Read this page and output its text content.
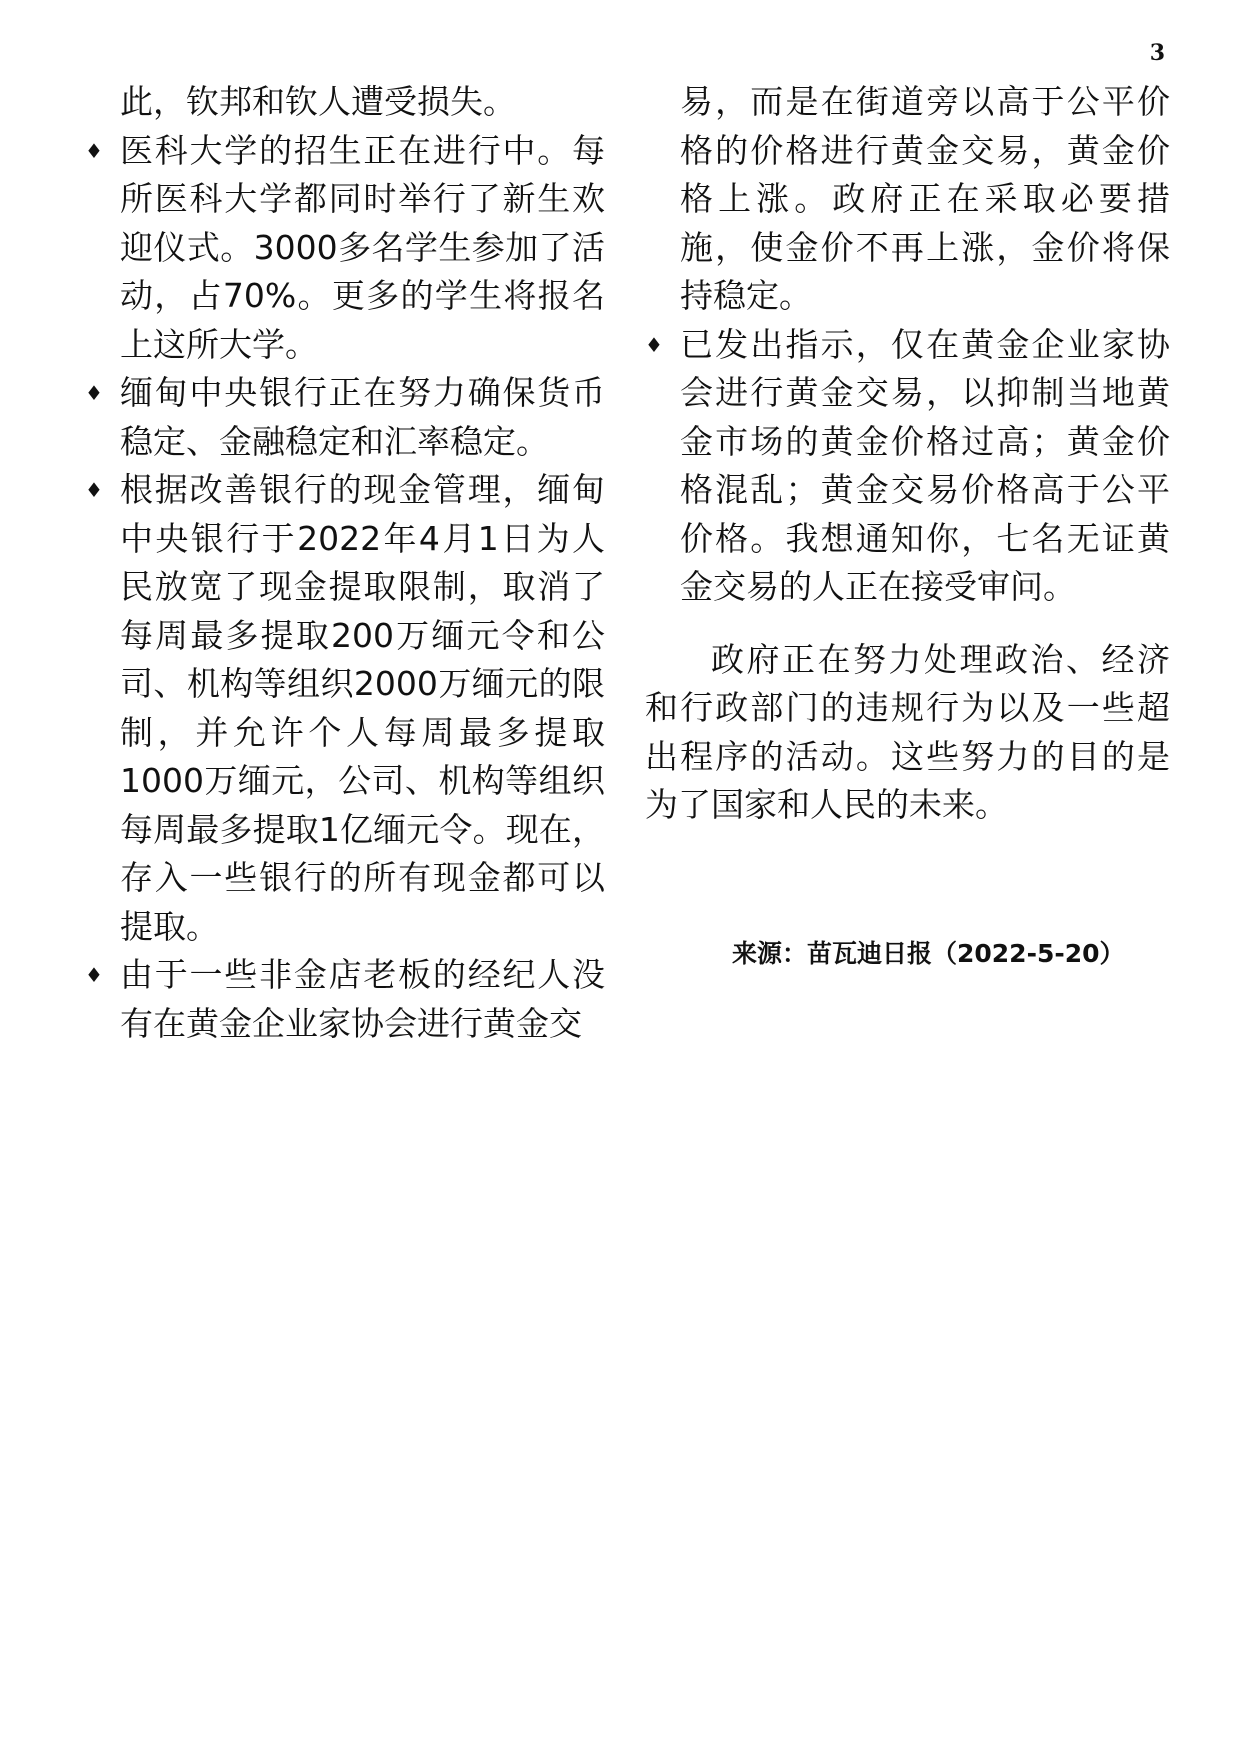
3
此，钦邦和钦人遭受损失。
♦ 医科大学的招生正在进行中。每所医科大学都同时举行了新生欢迎仪式。3000多名学生参加了活动，占70%。更多的学生将报名上这所大学。
♦ 缅甸中央银行正在努力确保货币稳定、金融稳定和汇率稳定。
♦ 根据改善银行的现金管理，缅甸中央银行于2022年4月1日为人民放宽了现金提取限制，取消了每周最多提取200万缅元令和公司、机构等组织2000万缅元的限制，并允许个人每周最多提取1000万缅元，公司、机构等组织每周最多提取1亿缅元令。现在，存入一些银行的所有现金都可以提取。
♦ 由于一些非金店老板的经纪人没有在黄金企业家协会进行黄金交
易，而是在街道旁以高于公平价格的价格进行黄金交易，黄金价格上涨。政府正在采取必要措施，使金价不再上涨，金价将保持稳定。
♦ 已发出指示，仅在黄金企业家协会进行黄金交易，以抑制当地黄金市场的黄金价格过高；黄金价格混乱；黄金交易价格高于公平价格。我想通知你，七名无证黄金交易的人正在接受审问。

政府正在努力处理政治、经济和行政部门的违规行为以及一些超出程序的活动。这些努力的目的是为了国家和人民的未来。

来源：苗瓦迪日报（2022-5-20）
